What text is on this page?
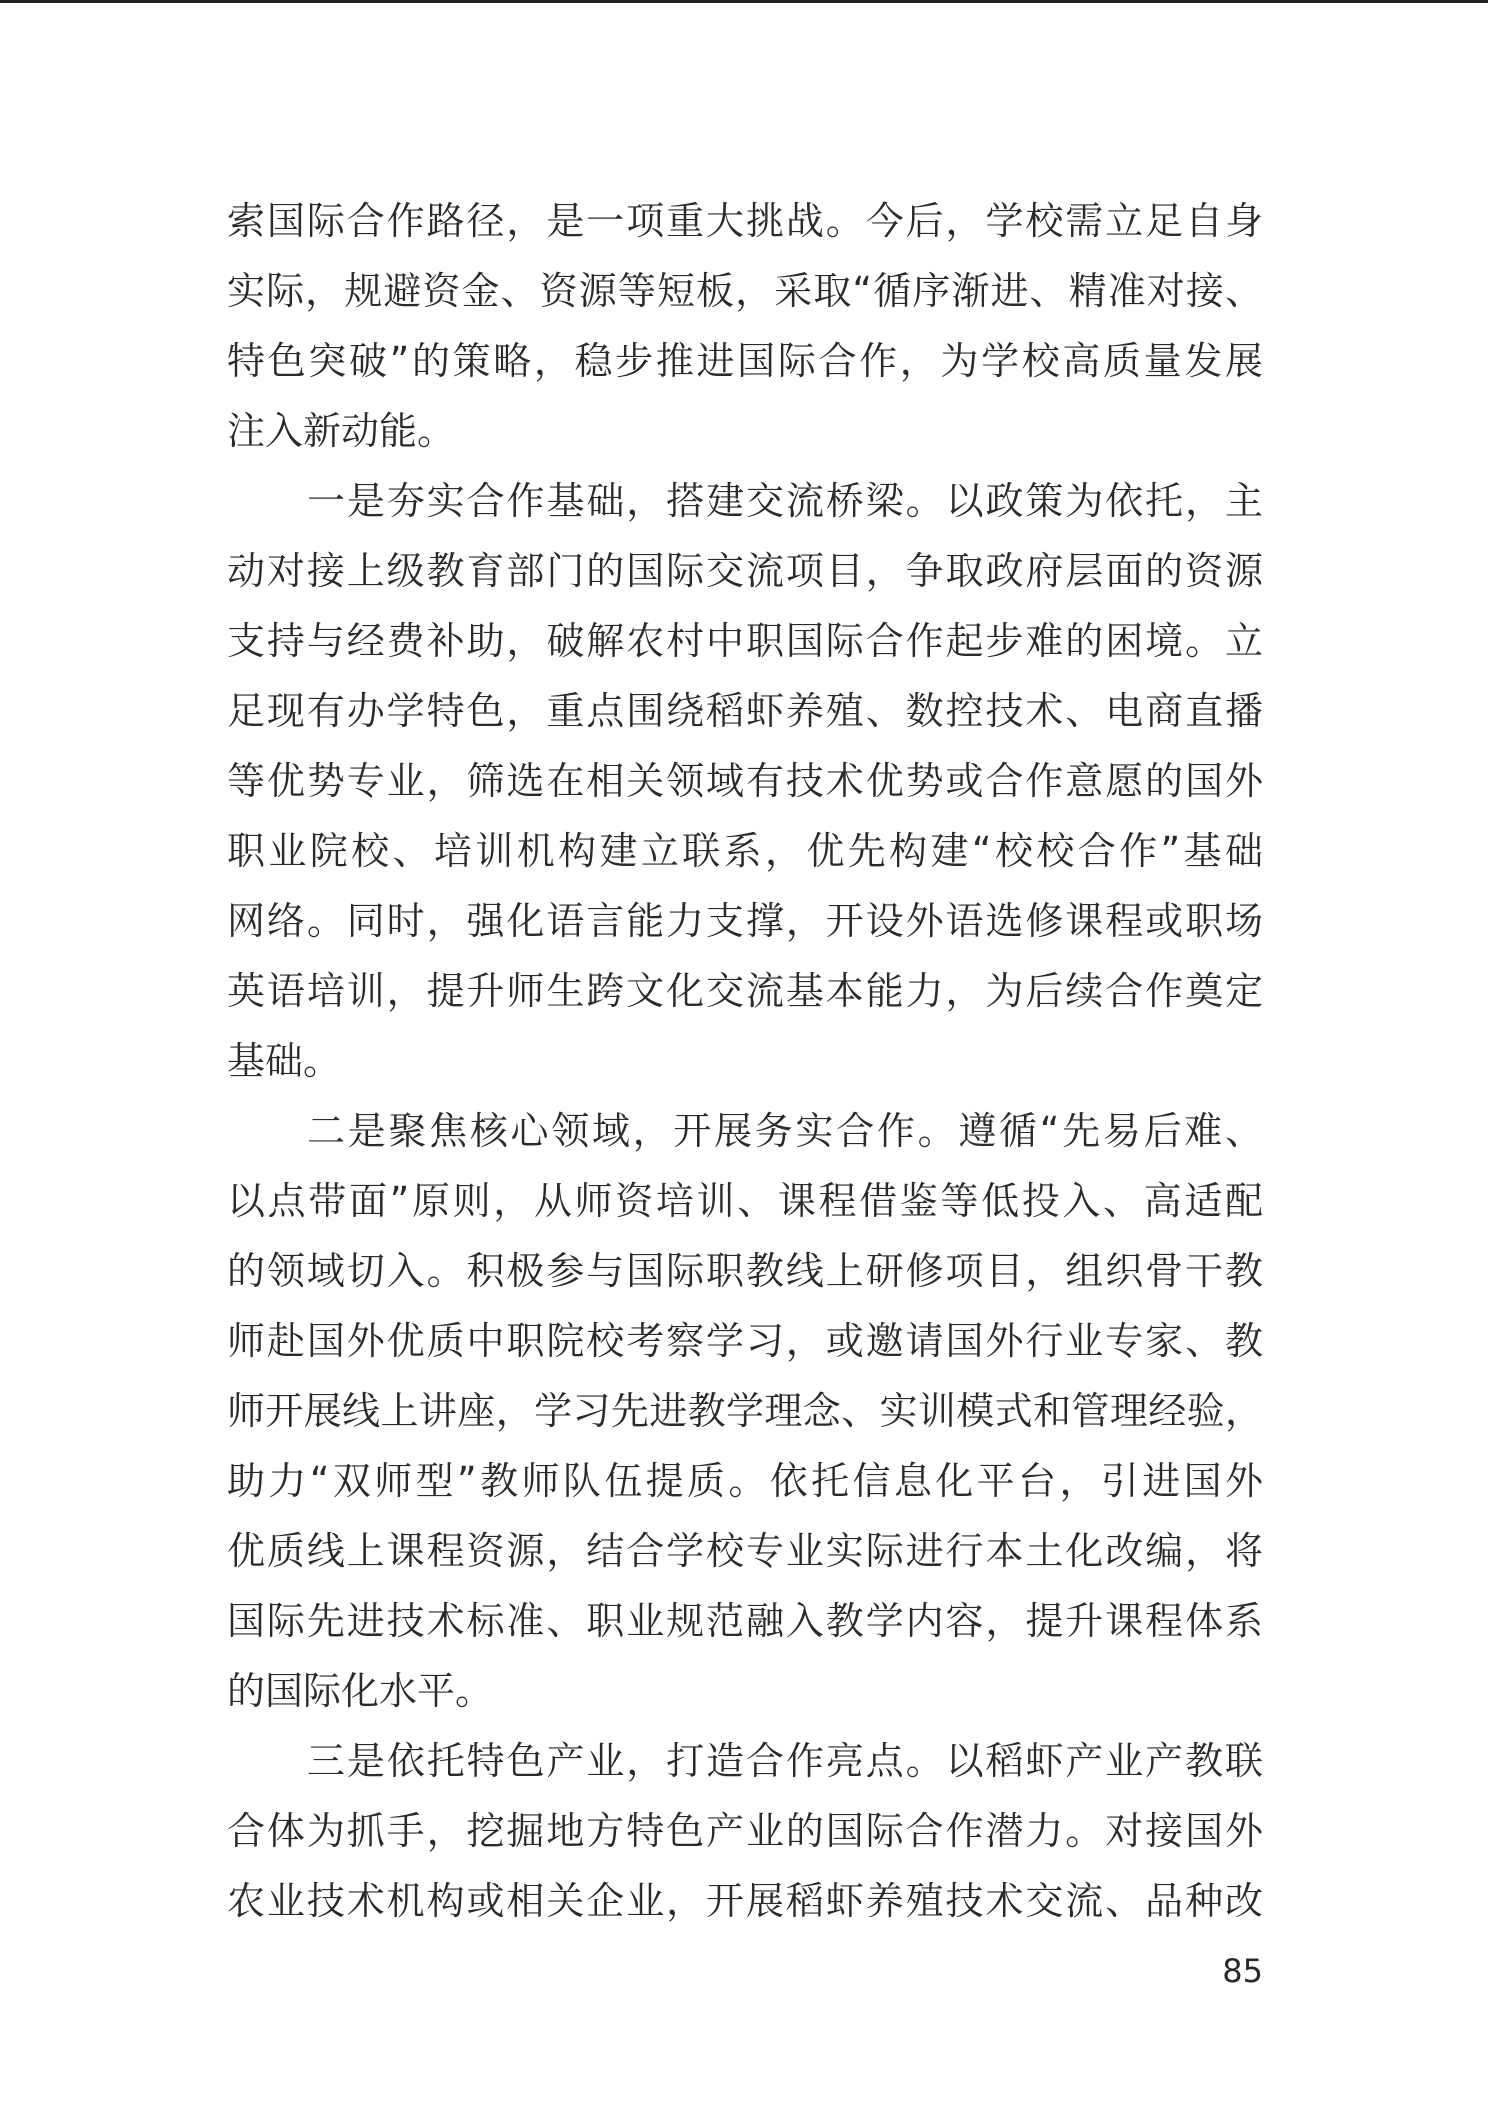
索国际合作路径，是一项重大挑战。今后，学校需立足自身
实际，规避资金、资源等短板，采取“循序渐进、精准对接、
特色突破”的策略，稳步推进国际合作，为学校高质量发展
注入新动能。
一是夯实合作基础，搭建交流桥梁。以政策为依托，主
动对接上级教育部门的国际交流项目，争取政府层面的资源
支持与经费补助，破解农村中职国际合作起步难的困境。立
足现有办学特色，重点围绕稻虾养殖、数控技术、电商直播
等优势专业，筛选在相关领域有技术优势或合作意愿的国外
职业院校、培训机构建立联系，优先构建“校校合作”基础
网络。同时，强化语言能力支撑，开设外语选修课程或职场
英语培训，提升师生跨文化交流基本能力，为后续合作奠定
基础。
二是聚焦核心领域，开展务实合作。遵循“先易后难、
以点带面”原则，从师资培训、课程借鉴等低投入、高适配
的领域切入。积极参与国际职教线上研修项目，组织骨干教
师赴国外优质中职院校考察学习，或邀请国外行业专家、教
师开展线上讲座，学习先进教学理念、实训模式和管理经验，
助力“双师型”教师队伍提质。依托信息化平台，引进国外
优质线上课程资源，结合学校专业实际进行本土化改编，将
国际先进技术标准、职业规范融入教学内容，提升课程体系
的国际化水平。
三是依托特色产业，打造合作亮点。以稻虾产业产教联
合体为抓手，挖掘地方特色产业的国际合作潜力。对接国外
农业技术机构或相关企业，开展稻虾养殖技术交流、品种改
85
